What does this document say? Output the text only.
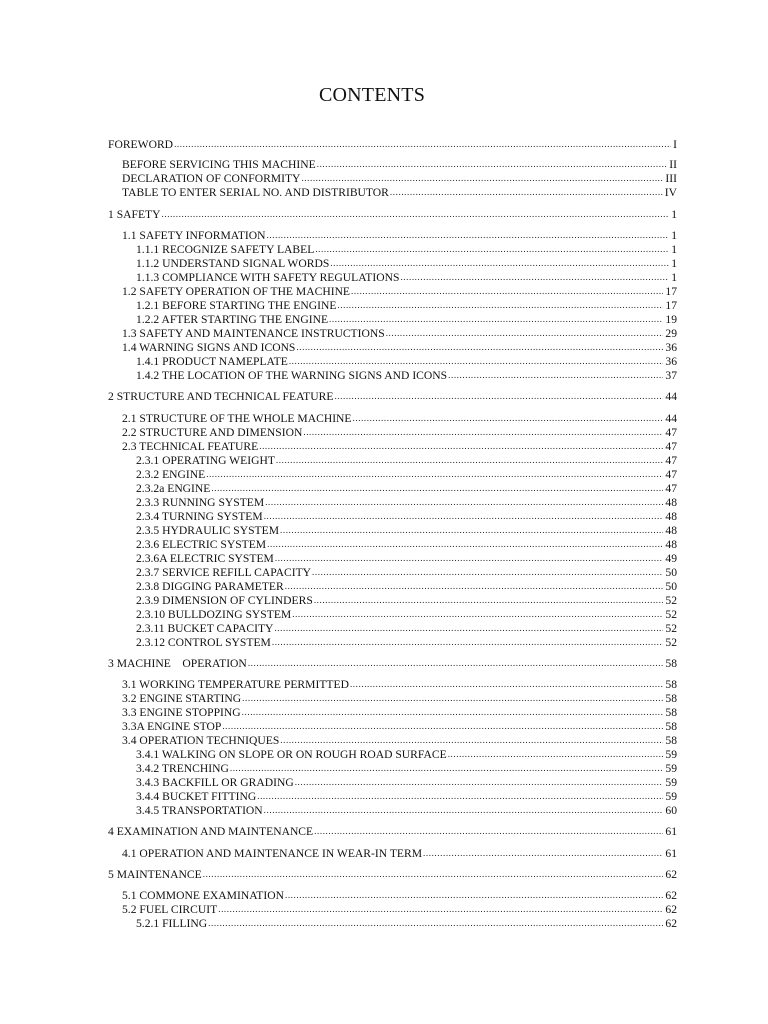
CONTENTS
FOREWORD .....	I
BEFORE SERVICING THIS MACHINE .....	II
DECLARATION OF CONFORMITY .....	III
TABLE TO ENTER SERIAL NO. AND DISTRIBUTOR .....	IV
1 SAFETY .....	1
1.1 SAFETY INFORMATION .....	1
1.1.1 RECOGNIZE SAFETY LABEL .....	1
1.1.2 UNDERSTAND SIGNAL WORDS .....	1
1.1.3 COMPLIANCE WITH SAFETY REGULATIONS .....	1
1.2 SAFETY OPERATION OF THE MACHINE .....	17
1.2.1 BEFORE STARTING THE ENGINE .....	17
1.2.2 AFTER STARTING THE ENGINE .....	19
1.3 SAFETY AND MAINTENANCE INSTRUCTIONS .....	29
1.4 WARNING SIGNS AND ICONS .....	36
1.4.1 PRODUCT NAMEPLATE .....	36
1.4.2 THE LOCATION OF THE WARNING SIGNS AND ICONS .....	37
2 STRUCTURE AND TECHNICAL FEATURE .....	44
2.1 STRUCTURE OF THE WHOLE MACHINE .....	44
2.2 STRUCTURE AND DIMENSION .....	47
2.3 TECHNICAL FEATURE .....	47
2.3.1 OPERATING WEIGHT .....	47
2.3.2 ENGINE .....	47
2.3.2a ENGINE .....	47
2.3.3 RUNNING SYSTEM .....	48
2.3.4 TURNING SYSTEM .....	48
2.3.5 HYDRAULIC SYSTEM .....	48
2.3.6 ELECTRIC SYSTEM .....	48
2.3.6A ELECTRIC SYSTEM .....	49
2.3.7 SERVICE REFILL CAPACITY .....	50
2.3.8 DIGGING PARAMETER .....	50
2.3.9 DIMENSION OF CYLINDERS .....	52
2.3.10 BULLDOZING SYSTEM .....	52
2.3.11 BUCKET CAPACITY .....	52
2.3.12 CONTROL SYSTEM .....	52
3 MACHINE    OPERATION .....	58
3.1 WORKING TEMPERATURE PERMITTED .....	58
3.2 ENGINE STARTING .....	58
3.3 ENGINE STOPPING .....	58
3.3A ENGINE STOP .....	58
3.4 OPERATION TECHNIQUES .....	58
3.4.1 WALKING ON SLOPE OR ON ROUGH ROAD SURFACE .....	59
3.4.2 TRENCHING .....	59
3.4.3 BACKFILL OR GRADING .....	59
3.4.4 BUCKET FITTING .....	59
3.4.5 TRANSPORTATION .....	60
4 EXAMINATION AND MAINTENANCE .....	61
4.1 OPERATION AND MAINTENANCE IN WEAR-IN TERM .....	61
5 MAINTENANCE .....	62
5.1 COMMONE EXAMINATION .....	62
5.2 FUEL CIRCUIT .....	62
5.2.1 FILLING .....	62
